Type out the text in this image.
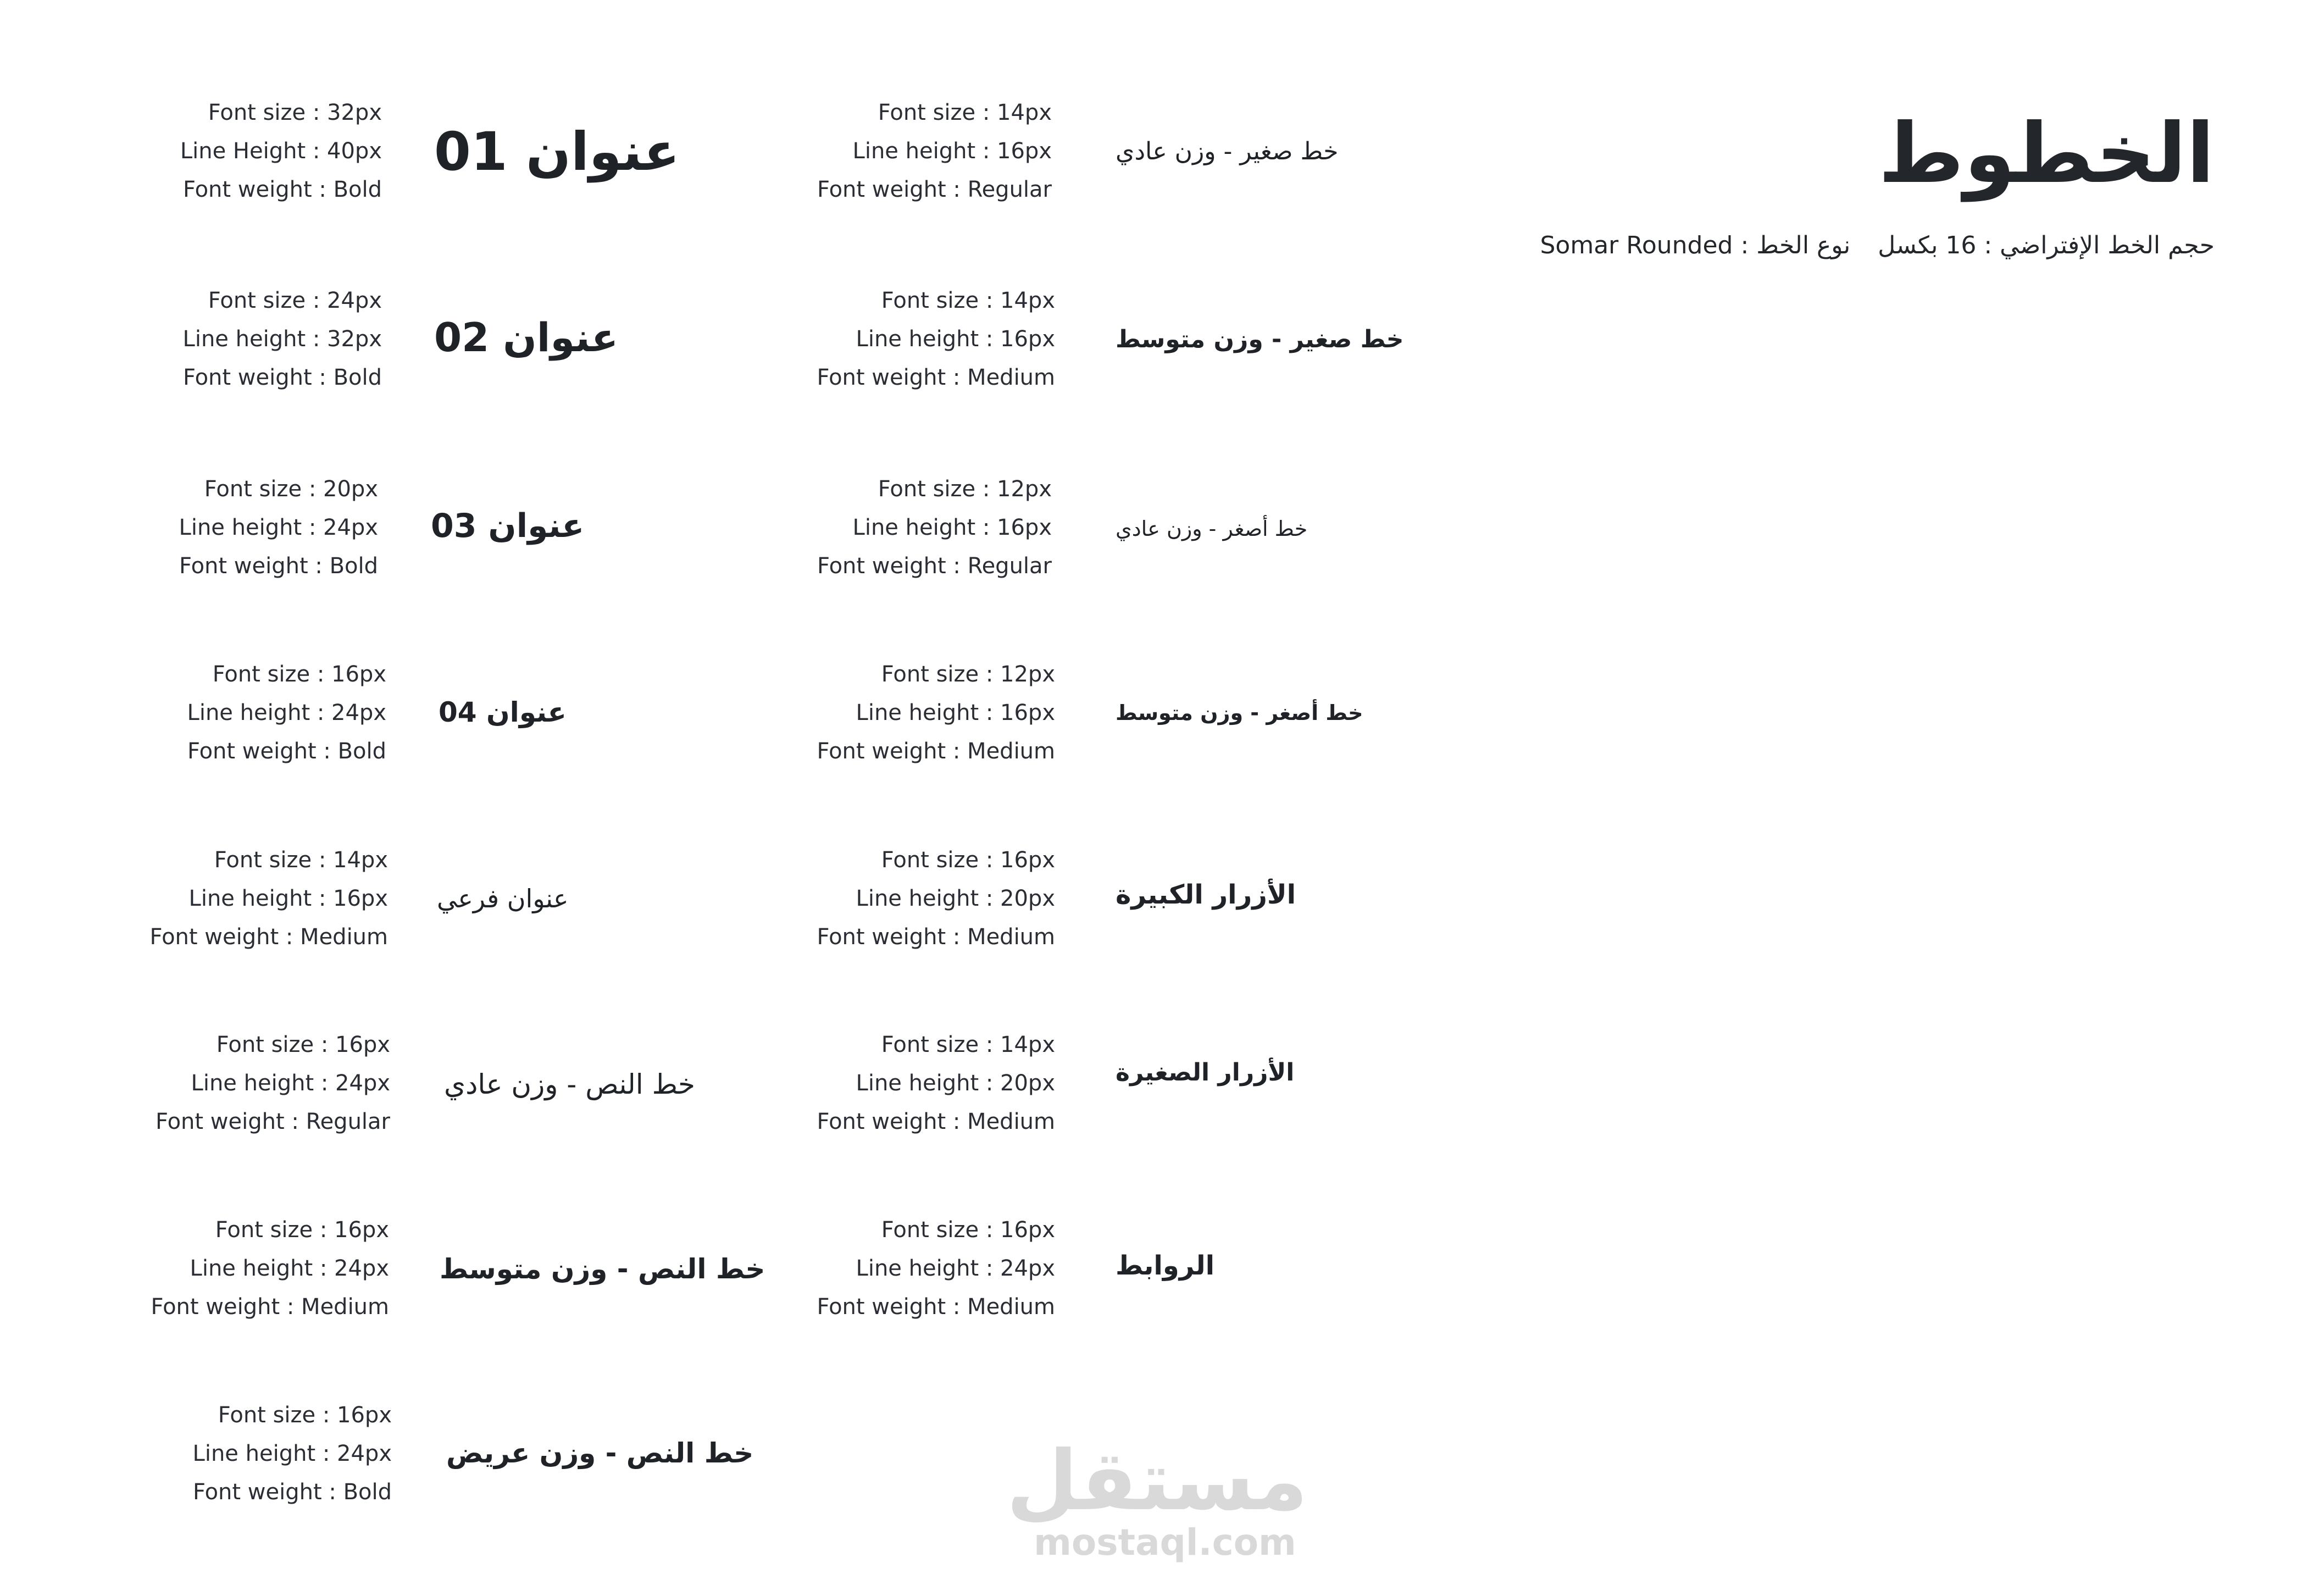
الخطوط
حجم الخط الإفتراضي : 16 بكسل
نوع الخط : Somar Rounded
Font size : 32px
Line Height : 40px
Font weight : Bold
عنوان 01
Font size : 24px
Line height : 32px
Font weight : Bold
عنوان 02
Font size : 20px
Line height : 24px
Font weight : Bold
عنوان 03
Font size : 16px
Line height : 24px
Font weight : Bold
عنوان 04
Font size : 14px
Line height : 16px
Font weight : Medium
عنوان فرعي
Font size : 16px
Line height : 24px
Font weight : Regular
خط النص - وزن عادي
Font size : 16px
Line height : 24px
Font weight : Medium
خط النص - وزن متوسط
Font size : 16px
Line height : 24px
Font weight : Bold
خط النص - وزن عريض
Font size : 14px
Line height : 16px
Font weight : Regular
خط صغير - وزن عادي
Font size : 14px
Line height : 16px
Font weight : Medium
خط صغير - وزن متوسط
Font size : 12px
Line height : 16px
Font weight : Regular
خط أصغر - وزن عادي
Font size : 12px
Line height : 16px
Font weight : Medium
خط أصغر - وزن متوسط
Font size : 16px
Line height : 20px
Font weight : Medium
الأزرار الكبيرة
Font size : 14px
Line height : 20px
Font weight : Medium
الأزرار الصغيرة
Font size : 16px
Line height : 24px
Font weight : Medium
الروابط
مستقل
mostaql.com
